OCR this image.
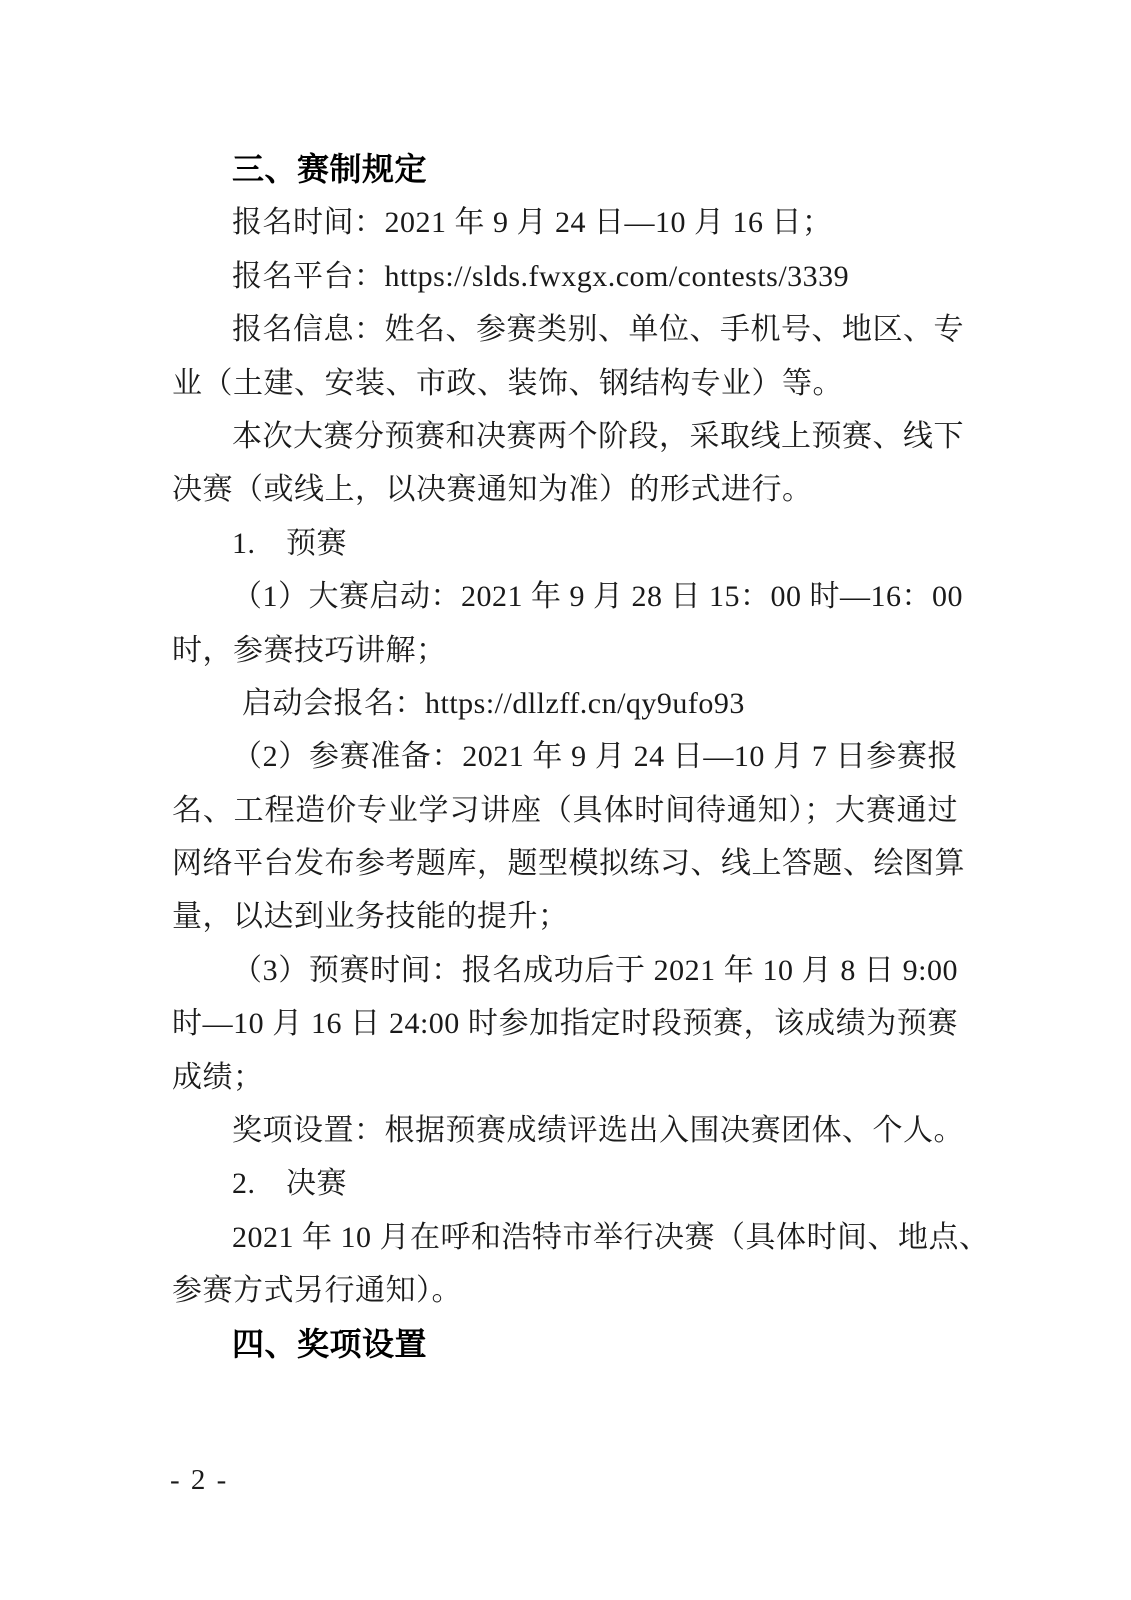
三、赛制规定
报名时间：2021 年 9 月 24 日—10 月 16 日；
报名平台：https://slds.fwxgx.com/contests/3339
报名信息：姓名、参赛类别、单位、手机号、地区、专
业（土建、安装、市政、装饰、钢结构专业）等。
本次大赛分预赛和决赛两个阶段，采取线上预赛、线下
决赛（或线上，以决赛通知为准）的形式进行。
1.　预赛
（1）大赛启动：2021 年 9 月 28 日 15：00 时—16：00
时，参赛技巧讲解；
启动会报名：https://dllzff.cn/qy9ufo93
（2）参赛准备：2021 年 9 月 24 日—10 月 7 日参赛报
名、工程造价专业学习讲座（具体时间待通知）；大赛通过
网络平台发布参考题库，题型模拟练习、线上答题、绘图算
量，以达到业务技能的提升；
（3）预赛时间：报名成功后于 2021 年 10 月 8 日 9:00
时—10 月 16 日 24:00 时参加指定时段预赛，该成绩为预赛
成绩；
奖项设置：根据预赛成绩评选出入围决赛团体、个人。
2.　决赛
2021 年 10 月在呼和浩特市举行决赛（具体时间、地点、
参赛方式另行通知）。
四、奖项设置
- 2 -
